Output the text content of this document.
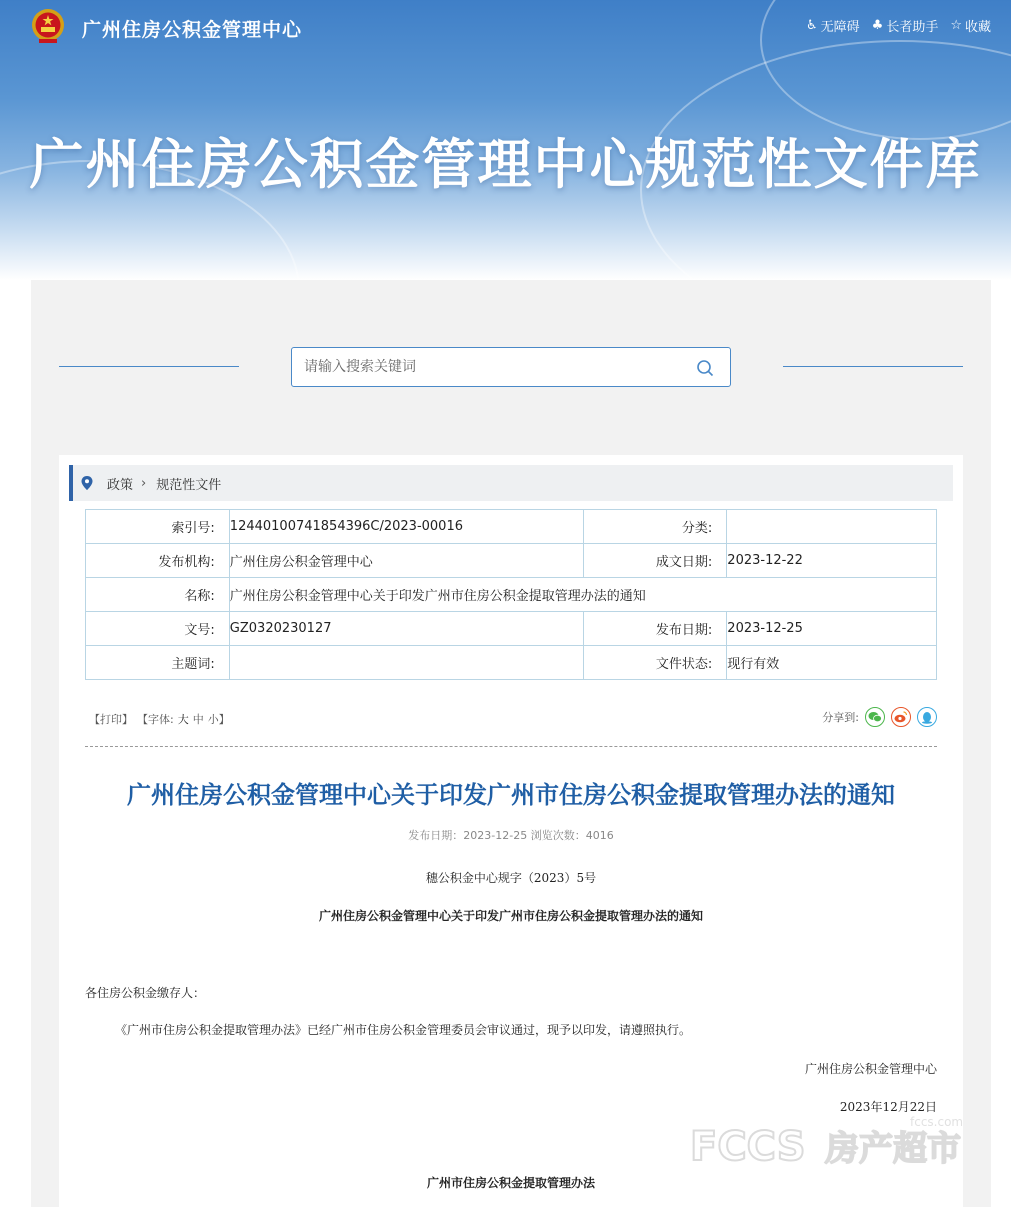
广州住房公积金管理中心	♿ 无障碍 ♣ 长者助手 ☆ 收藏
广州住房公积金管理中心规范性文件库
请输入搜索关键词
政策 › 规范性文件
索引号:	12440100741854396C/2023-00016	分类:	
发布机构:	广州住房公积金管理中心	成文日期:	2023-12-22
名称:	广州住房公积金管理中心关于印发广州市住房公积金提取管理办法的通知		
文号:	GZ0320230127	发布日期:	2023-12-25
主题词:		文件状态:	现行有效
【打印】 【字体: 大 中 小】	分享到:
广州住房公积金管理中心关于印发广州市住房公积金提取管理办法的通知
发布日期：2023-12-25 浏览次数：4016
穗公积金中心规字（2023）5号
广州住房公积金管理中心关于印发广州市住房公积金提取管理办法的通知
各住房公积金缴存人：
《广州市住房公积金提取管理办法》已经广州市住房公积金管理委员会审议通过，现予以印发，请遵照执行。
广州住房公积金管理中心
2023年12月22日
广州市住房公积金提取管理办法
fccs.com
FCCS 房产超市
